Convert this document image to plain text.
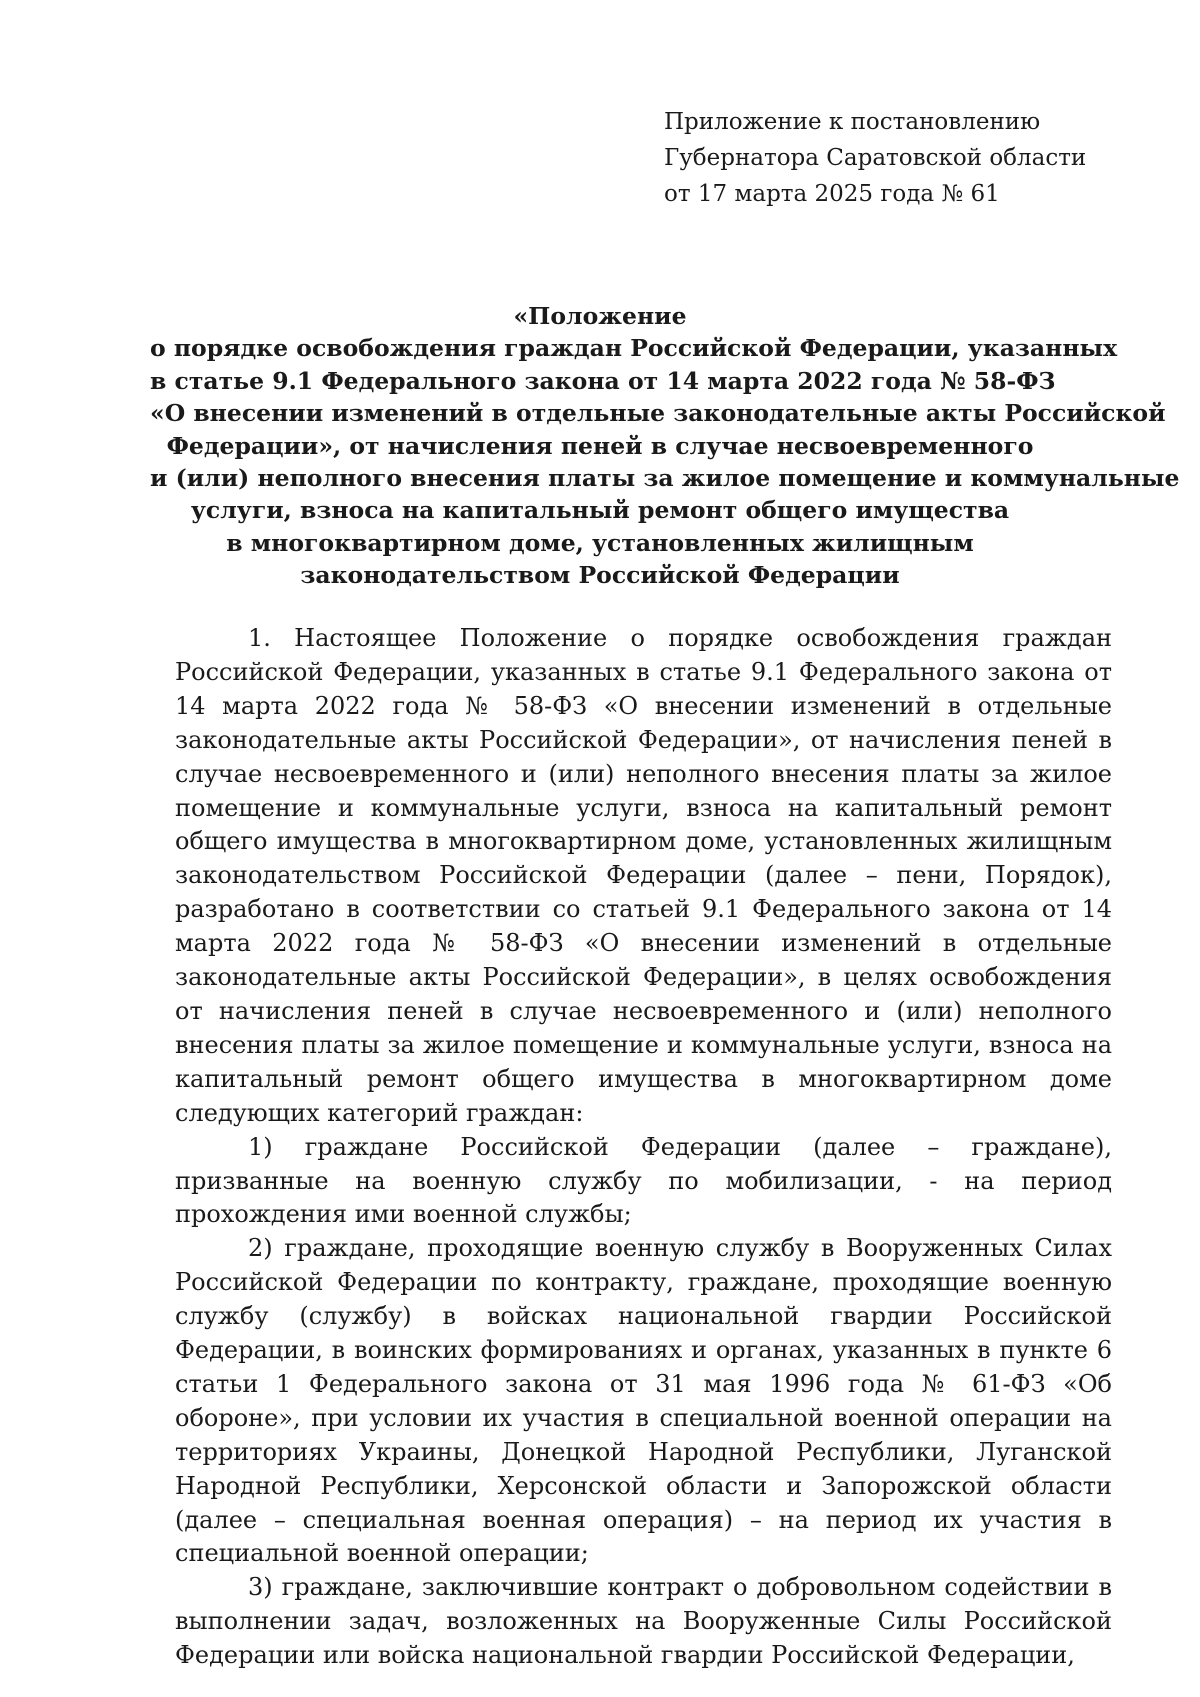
Приложение к постановлению
Губернатора Саратовской области
от 17 марта 2025 года № 61
«Положение
о порядке освобождения граждан Российской Федерации, указанных
в статье 9.1 Федерального закона от 14 марта 2022 года № 58-ФЗ
«О внесении изменений в отдельные законодательные акты Российской
Федерации», от начисления пеней в случае несвоевременного
и (или) неполного внесения платы за жилое помещение и коммунальные
услуги, взноса на капитальный ремонт общего имущества
в многоквартирном доме, установленных жилищным
законодательством Российской Федерации

1. Настоящее Положение о порядке освобождения граждан Российской Федерации, указанных в статье 9.1 Федерального закона от 14 марта 2022 года № 58-ФЗ «О внесении изменений в отдельные законодательные акты Российской Федерации», от начисления пеней в случае несвоевременного и (или) неполного внесения платы за жилое помещение и коммунальные услуги, взноса на капитальный ремонт общего имущества в многоквартирном доме, установленных жилищным законодательством Российской Федерации (далее – пени, Порядок), разработано в соответствии со статьей 9.1 Федерального закона от 14 марта 2022 года № 58-ФЗ «О внесении изменений в отдельные законодательные акты Российской Федерации», в целях освобождения от начисления пеней в случае несвоевременного и (или) неполного внесения платы за жилое помещение и коммунальные услуги, взноса на капитальный ремонт общего имущества в многоквартирном доме следующих категорий граждан:

1) граждане Российской Федерации (далее – граждане), призванные на военную службу по мобилизации, - на период прохождения ими военной службы;

2) граждане, проходящие военную службу в Вооруженных Силах Российской Федерации по контракту, граждане, проходящие военную службу (службу) в войсках национальной гвардии Российской Федерации, в воинских формированиях и органах, указанных в пункте 6 статьи 1 Федерального закона от 31 мая 1996 года № 61-ФЗ «Об обороне», при условии их участия в специальной военной операции на территориях Украины, Донецкой Народной Республики, Луганской Народной Республики, Херсонской области и Запорожской области (далее – специальная военная операция) – на период их участия в специальной военной операции;

3) граждане, заключившие контракт о добровольном содействии в выполнении задач, возложенных на Вооруженные Силы Российской Федерации или войска национальной гвардии Российской Федерации,
